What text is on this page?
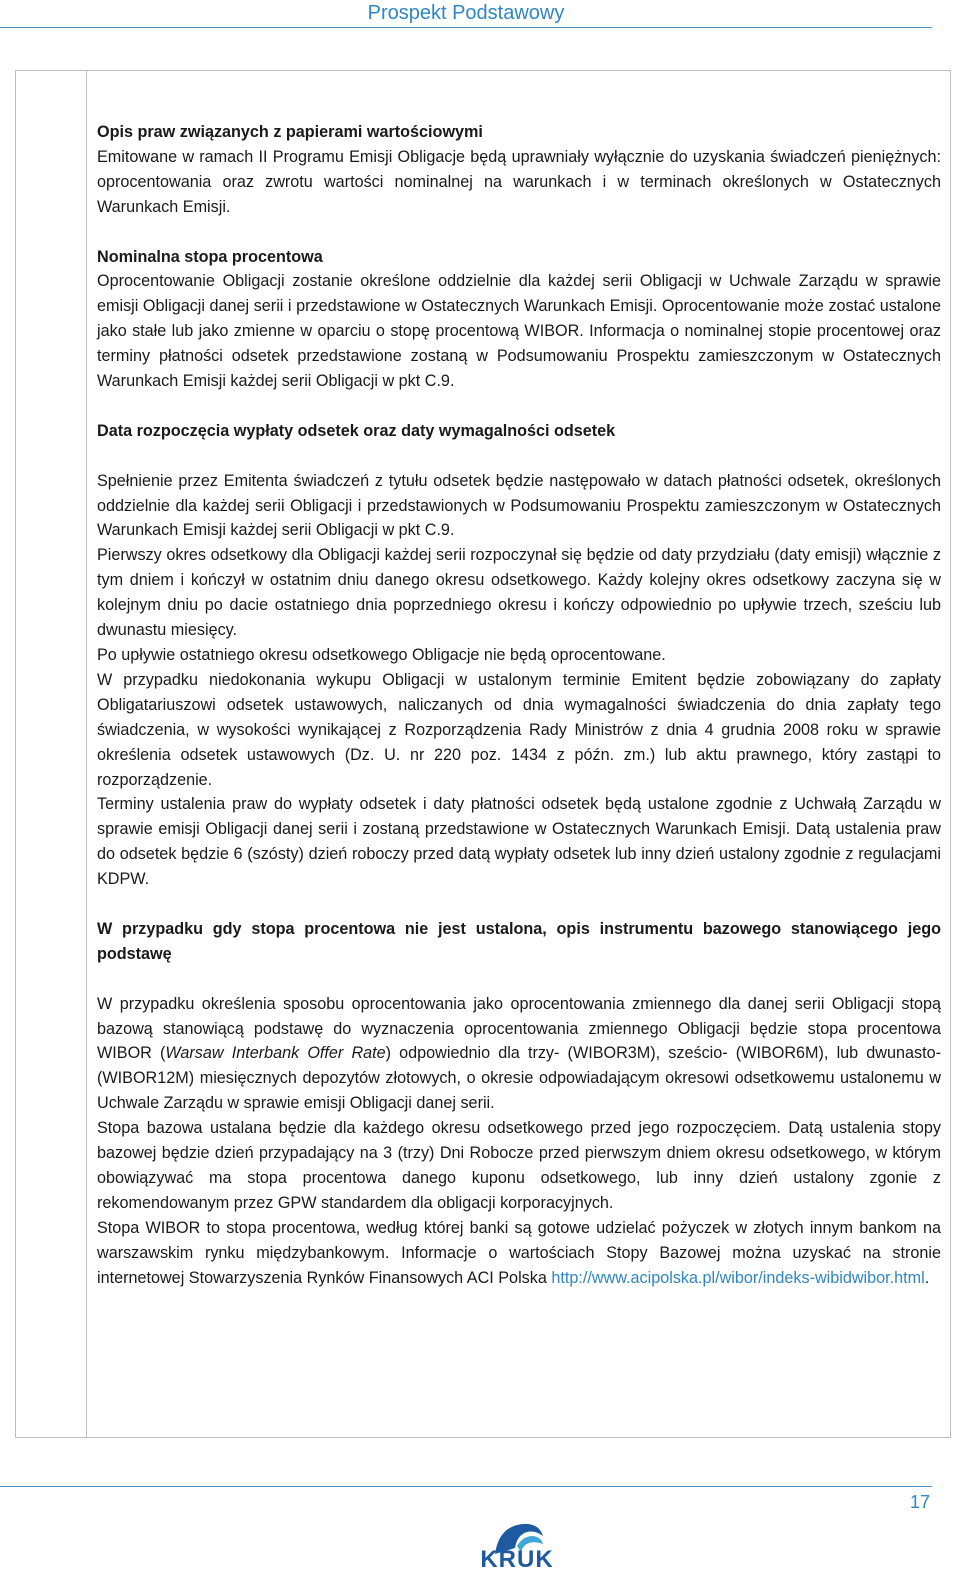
Prospekt Podstawowy
Opis praw związanych z papierami wartościowymi

Emitowane w ramach II Programu Emisji Obligacje będą uprawniały wyłącznie do uzyskania świadczeń pieniężnych: oprocentowania oraz zwrotu wartości nominalnej na warunkach i w terminach określonych w Ostatecznych Warunkach Emisji.

Nominalna stopa procentowa

Oprocentowanie Obligacji zostanie określone oddzielnie dla każdej serii Obligacji w Uchwale Zarządu w sprawie emisji Obligacji danej serii i przedstawione w Ostatecznych Warunkach Emisji. Oprocentowanie może zostać ustalone jako stałe lub jako zmienne w oparciu o stopę procentową WIBOR. Informacja o nominalnej stopie procentowej oraz terminy płatności odsetek przedstawione zostaną w Podsumowaniu Prospektu zamieszczonym w Ostatecznych Warunkach Emisji każdej serii Obligacji w pkt C.9.

Data rozpoczęcia wypłaty odsetek oraz daty wymagalności odsetek

Spełnienie przez Emitenta świadczeń z tytułu odsetek będzie następowało w datach płatności odsetek, określonych oddzielnie dla każdej serii Obligacji i przedstawionych w Podsumowaniu Prospektu zamieszczonym w Ostatecznych Warunkach Emisji każdej serii Obligacji w pkt C.9.

Pierwszy okres odsetkowy dla Obligacji każdej serii rozpoczynał się będzie od daty przydziału (daty emisji) włącznie z tym dniem i kończył w ostatnim dniu danego okresu odsetkowego. Każdy kolejny okres odsetkowy zaczyna się w kolejnym dniu po dacie ostatniego dnia poprzedniego okresu i kończy odpowiednio po upływie trzech, sześciu lub dwunastu miesięcy.

Po upływie ostatniego okresu odsetkowego Obligacje nie będą oprocentowane.

W przypadku niedokonania wykupu Obligacji w ustalonym terminie Emitent będzie zobowiązany do zapłaty Obligatariuszowi odsetek ustawowych, naliczanych od dnia wymagalności świadczenia do dnia zapłaty tego świadczenia, w wysokości wynikającej z Rozporządzenia Rady Ministrów z dnia 4 grudnia 2008 roku w sprawie określenia odsetek ustawowych (Dz. U. nr 220 poz. 1434 z późn. zm.) lub aktu prawnego, który zastąpi to rozporządzenie.

Terminy ustalenia praw do wypłaty odsetek i daty płatności odsetek będą ustalone zgodnie z Uchwałą Zarządu w sprawie emisji Obligacji danej serii i zostaną przedstawione w Ostatecznych Warunkach Emisji. Datą ustalenia praw do odsetek będzie 6 (szósty) dzień roboczy przed datą wypłaty odsetek lub inny dzień ustalony zgodnie z regulacjami KDPW.

W przypadku gdy stopa procentowa nie jest ustalona, opis instrumentu bazowego stanowiącego jego podstawę

W przypadku określenia sposobu oprocentowania jako oprocentowania zmiennego dla danej serii Obligacji stopą bazową stanowiącą podstawę do wyznaczenia oprocentowania zmiennego Obligacji będzie stopa procentowa WIBOR (Warsaw Interbank Offer Rate) odpowiednio dla trzy- (WIBOR3M), sześcio- (WIBOR6M), lub dwunasto- (WIBOR12M) miesięcznych depozytów złotowych, o okresie odpowiadającym okresowi odsetkowemu ustalonemu w Uchwale Zarządu w sprawie emisji Obligacji danej serii.

Stopa bazowa ustalana będzie dla każdego okresu odsetkowego przed jego rozpoczęciem. Datą ustalenia stopy bazowej będzie dzień przypadający na 3 (trzy) Dni Robocze przed pierwszym dniem okresu odsetkowego, w którym obowiązywać ma stopa procentowa danego kuponu odsetkowego, lub inny dzień ustalony zgonie z rekomendowanym przez GPW standardem dla obligacji korporacyjnych.

Stopa WIBOR to stopa procentowa, według której banki są gotowe udzielać pożyczek w złotych innym bankom na warszawskim rynku międzybankowym. Informacje o wartościach Stopy Bazowej można uzyskać na stronie internetowej Stowarzyszenia Rynków Finansowych ACI Polska http://www.acipolska.pl/wibor/indeks-wibidwibor.html.

17
KRUK
